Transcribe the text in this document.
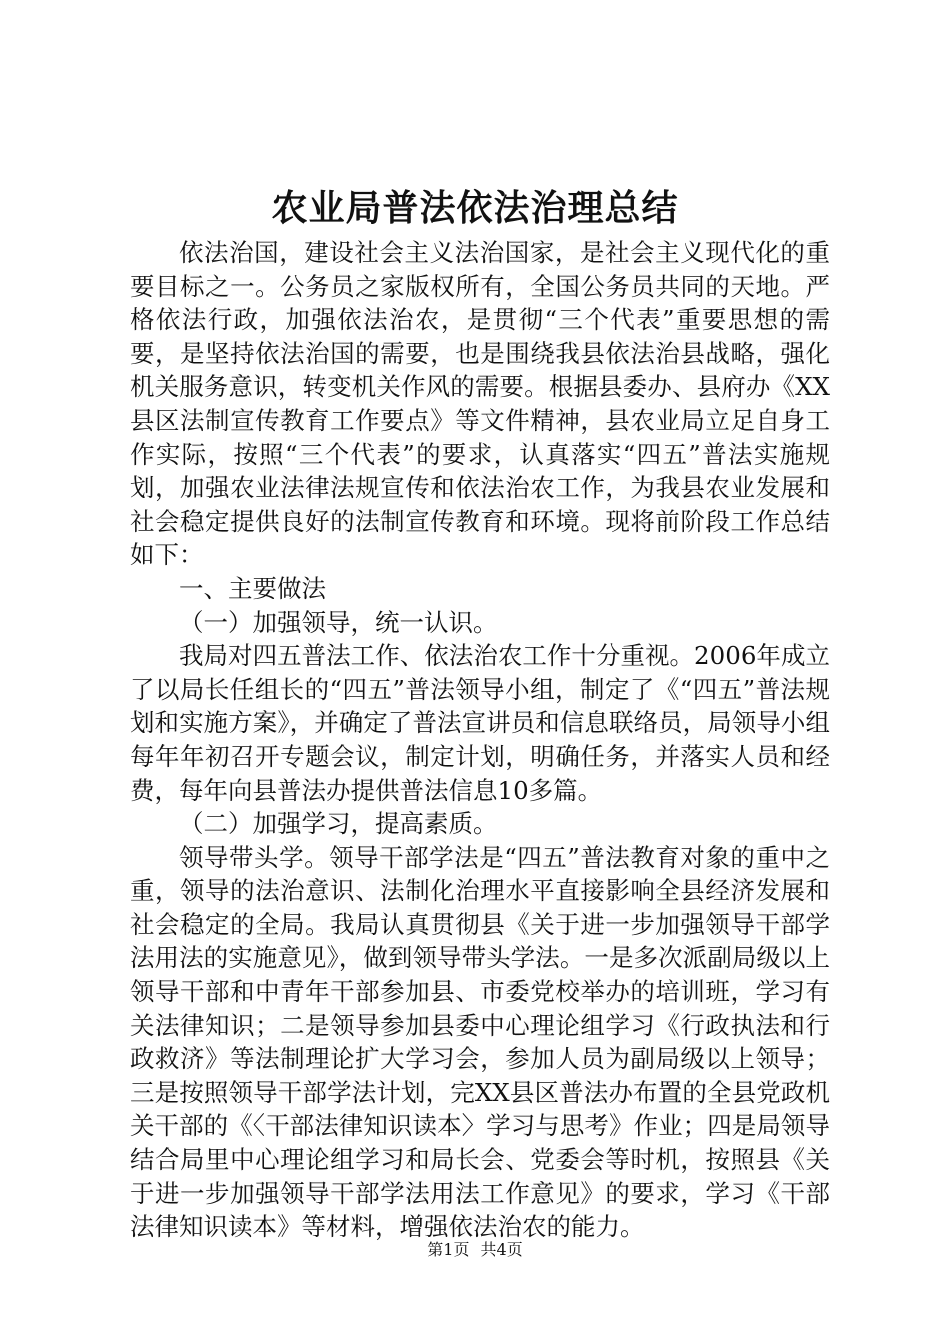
农业局普法依法治理总结

依法治国，建设社会主义法治国家，是社会主义现代化的重要目标之一。公务员之家版权所有，全国公务员共同的天地。严格依法行政，加强依法治农，是贯彻“三个代表”重要思想的需要，是坚持依法治国的需要，也是围绕我县依法治县战略，强化机关服务意识，转变机关作风的需要。根据县委办、县府办《XX县区法制宣传教育工作要点》等文件精神，县农业局立足自身工作实际，按照“三个代表”的要求，认真落实“四五”普法实施规划，加强农业法律法规宣传和依法治农工作，为我县农业发展和社会稳定提供良好的法制宣传教育和环境。现将前阶段工作总结如下：

一、主要做法

（一）加强领导，统一认识。

我局对四五普法工作、依法治农工作十分重视。2006年成立了以局长任组长的“四五”普法领导小组，制定了《“四五”普法规划和实施方案》，并确定了普法宣讲员和信息联络员，局领导小组每年年初召开专题会议，制定计划，明确任务，并落实人员和经费，每年向县普法办提供普法信息10多篇。

（二）加强学习，提高素质。

领导带头学。领导干部学法是“四五”普法教育对象的重中之重，领导的法治意识、法制化治理水平直接影响全县经济发展和社会稳定的全局。我局认真贯彻县《关于进一步加强领导干部学法用法的实施意见》，做到领导带头学法。一是多次派副局级以上领导干部和中青年干部参加县、市委党校举办的培训班，学习有关法律知识；二是领导参加县委中心理论组学习《行政执法和行政救济》等法制理论扩大学习会，参加人员为副局级以上领导；三是按照领导干部学法计划，完XX县区普法办布置的全县党政机关干部的《〈干部法律知识读本〉学习与思考》作业；四是局领导结合局里中心理论组学习和局长会、党委会等时机，按照县《关于进一步加强领导干部学法用法工作意见》的要求，学习《干部法律知识读本》等材料，增强依法治农的能力。

第1页 共4页
